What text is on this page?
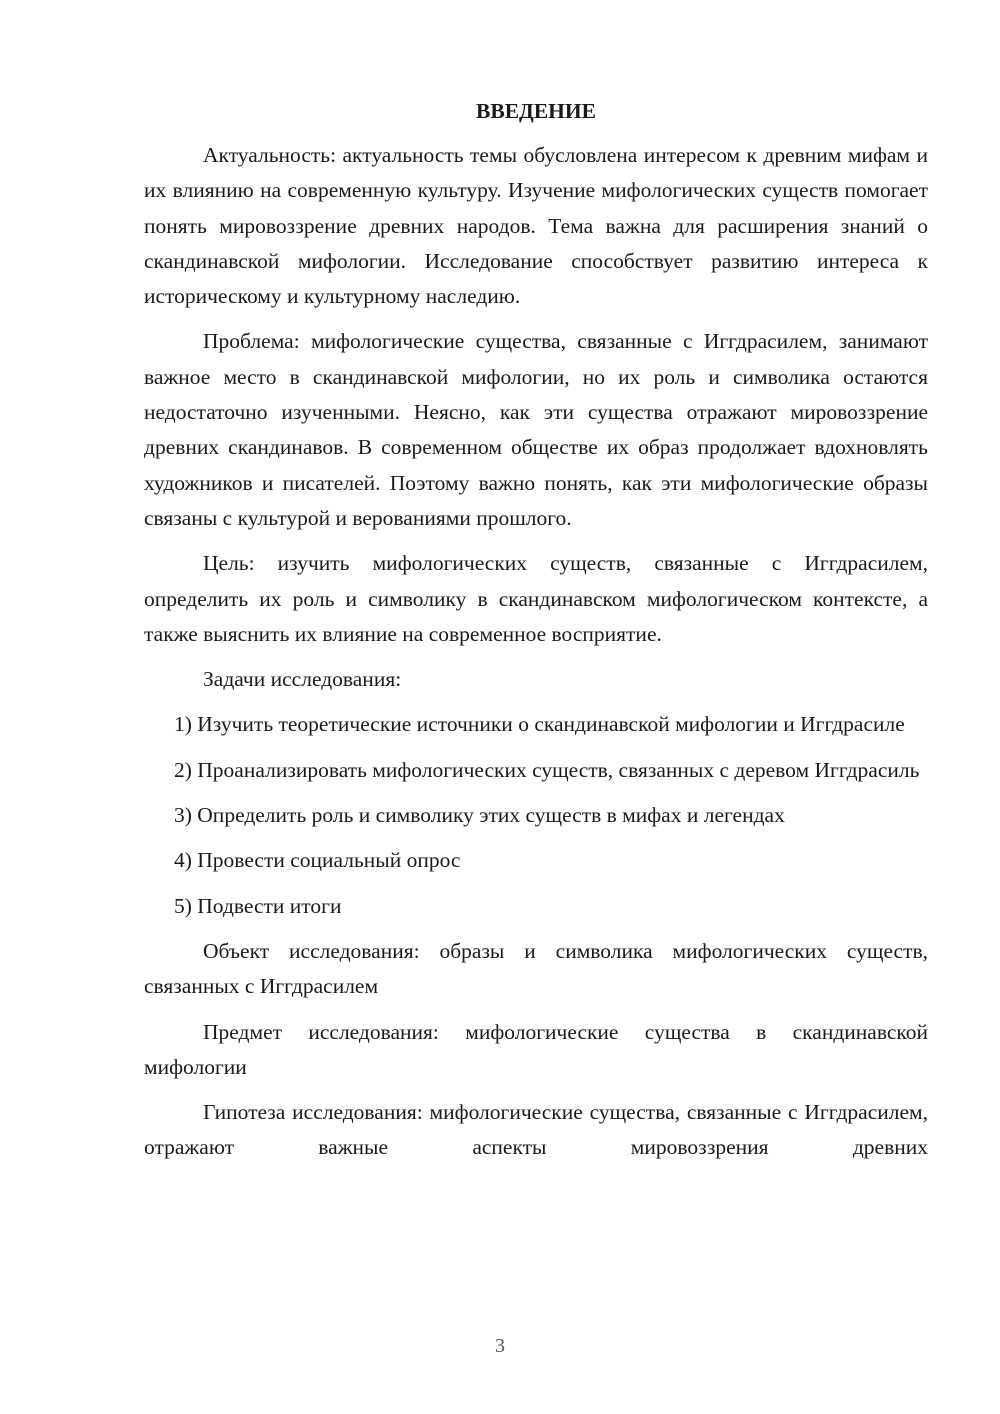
ВВЕДЕНИЕ

Актуальность: актуальность темы обусловлена интересом к древним мифам и их влиянию на современную культуру. Изучение мифологических существ помогает понять мировоззрение древних народов. Тема важна для расширения знаний о скандинавской мифологии. Исследование способствует развитию интереса к историческому и культурному наследию.

Проблема: мифологические существа, связанные с Иггдрасилем, занимают важное место в скандинавской мифологии, но их роль и символика остаются недостаточно изученными. Неясно, как эти существа отражают мировоззрение древних скандинавов. В современном обществе их образ продолжает вдохновлять художников и писателей. Поэтому важно понять, как эти мифологические образы связаны с культурой и верованиями прошлого.

Цель: изучить мифологических существ, связанные с Иггдрасилем, определить их роль и символику в скандинавском мифологическом контексте, а также выяснить их влияние на современное восприятие.

Задачи исследования:

1) Изучить теоретические источники о скандинавской мифологии и Иггдрасиле

2) Проанализировать мифологических существ, связанных с деревом Иггдрасиль

3) Определить роль и символику этих существ в мифах и легендах

4) Провести социальный опрос

5) Подвести итоги

Объект исследования: образы и символика мифологических существ, связанных с Иггдрасилем

Предмет исследования: мифологические существа в скандинавской мифологии

Гипотеза исследования: мифологические существа, связанные с Иггдрасилем, отражают важные аспекты мировоззрения древних

3
